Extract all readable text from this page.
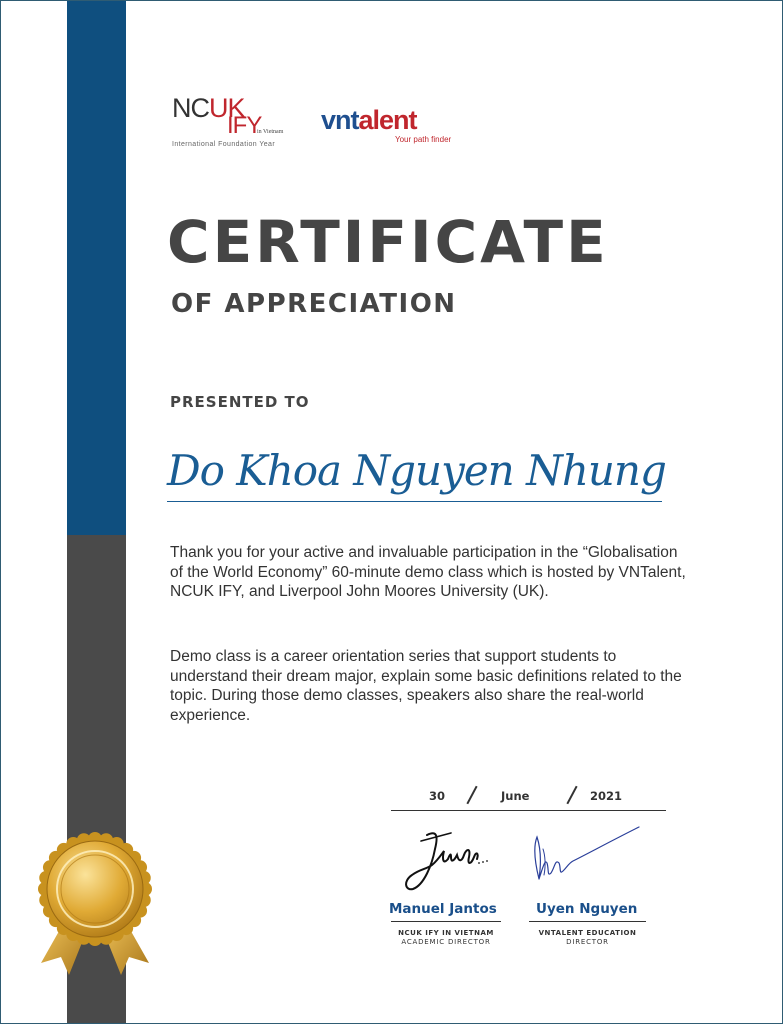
NCUK
IFY
in Vietnam
International Foundation Year
vntalent
Your path finder
CERTIFICATE
OF APPRECIATION
PRESENTED TO
Do Khoa Nguyen Nhung

Thank you for your active and invaluable participation in the “Globalisation of the World Economy” 60-minute demo class which is hosted by VNTalent, NCUK IFY, and Liverpool John Moores University (UK).

Demo class is a career orientation series that support students to understand their dream major, explain some basic definitions related to the topic. During those demo classes, speakers also share the real-world experience.

30	June	2021
Manuel Jantos
NCUK IFY IN VIETNAM
ACADEMIC DIRECTOR
Uyen Nguyen
VNTALENT EDUCATION
DIRECTOR
